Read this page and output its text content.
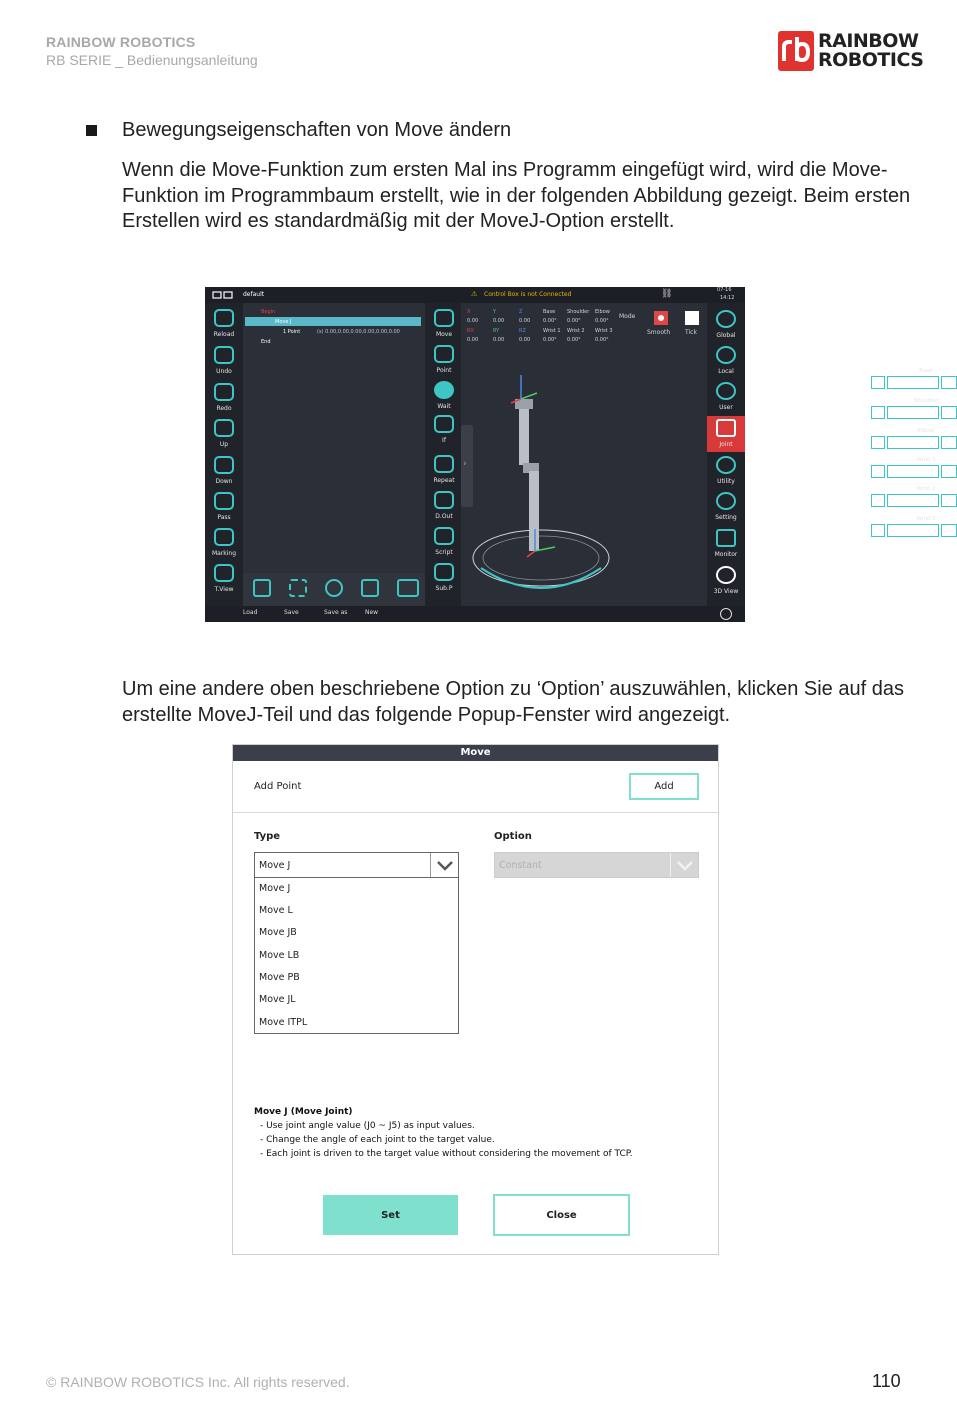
RAINBOW ROBOTICS
RB SERIE _ Bedienungsanleitung
RAINBOW
ROBOTICS
Bewegungseigenschaften von Move ändern
Wenn die Move-Funktion zum ersten Mal ins Programm eingefügt wird, wird die Move-Funktion im Programmbaum erstellt, wie in der folgenden Abbildung gezeigt. Beim ersten Erstellen wird es standardmäßig mit der MoveJ-Option erstellt.
default	⚠ Control Box is not Connected	⛓	07-16
14:12
Reload
Undo
Redo
Up
Down
Pass
Marking
T.View
Begin
Move J
1 Point	(s) 0.00,0.00,0.00,0.00,0.00,0.00
End
Move
Point
Wait
If
Repeat
D.Out
Script
Sub.P
›
X	Y	Z	Base Shoulder Elbow
0.00	0.00	0.00	0.00° 0.00°	0.00°
RX	RY	RZ	Wrist 1 Wrist 2 Wrist 3
0.00	0.00	0.00	0.00° 0.00°	0.00°
Mode
Smooth Tick
Base
+	0.00°	−
Shoulder
+	0.00°	−
Elbow
+	0.00°	−
Wrist 1
+	0.00°	−
Wrist 2
+	0.00°	−
Wrist 3
+	0.00°	−
Global
Local
User
Joint
Utility
Setting
Monitor
3D View
Load	Save	Save as	New
Um eine andere oben beschriebene Option zu ‘Option’ auszuwählen, klicken Sie auf das erstellte MoveJ-Teil und das folgende Popup-Fenster wird angezeigt.
Move
Add Point	Add
Type	Option
Move J	Constant
Move J
Move L
Move JB
Move LB
Move PB
Move JL
Move ITPL
Move J (Move Joint)
- Use joint angle value (J0 ~ J5) as input values.
- Change the angle of each joint to the target value.
- Each joint is driven to the target value without considering the movement of TCP.
Set	Close
© RAINBOW ROBOTICS Inc. All rights reserved.	110
